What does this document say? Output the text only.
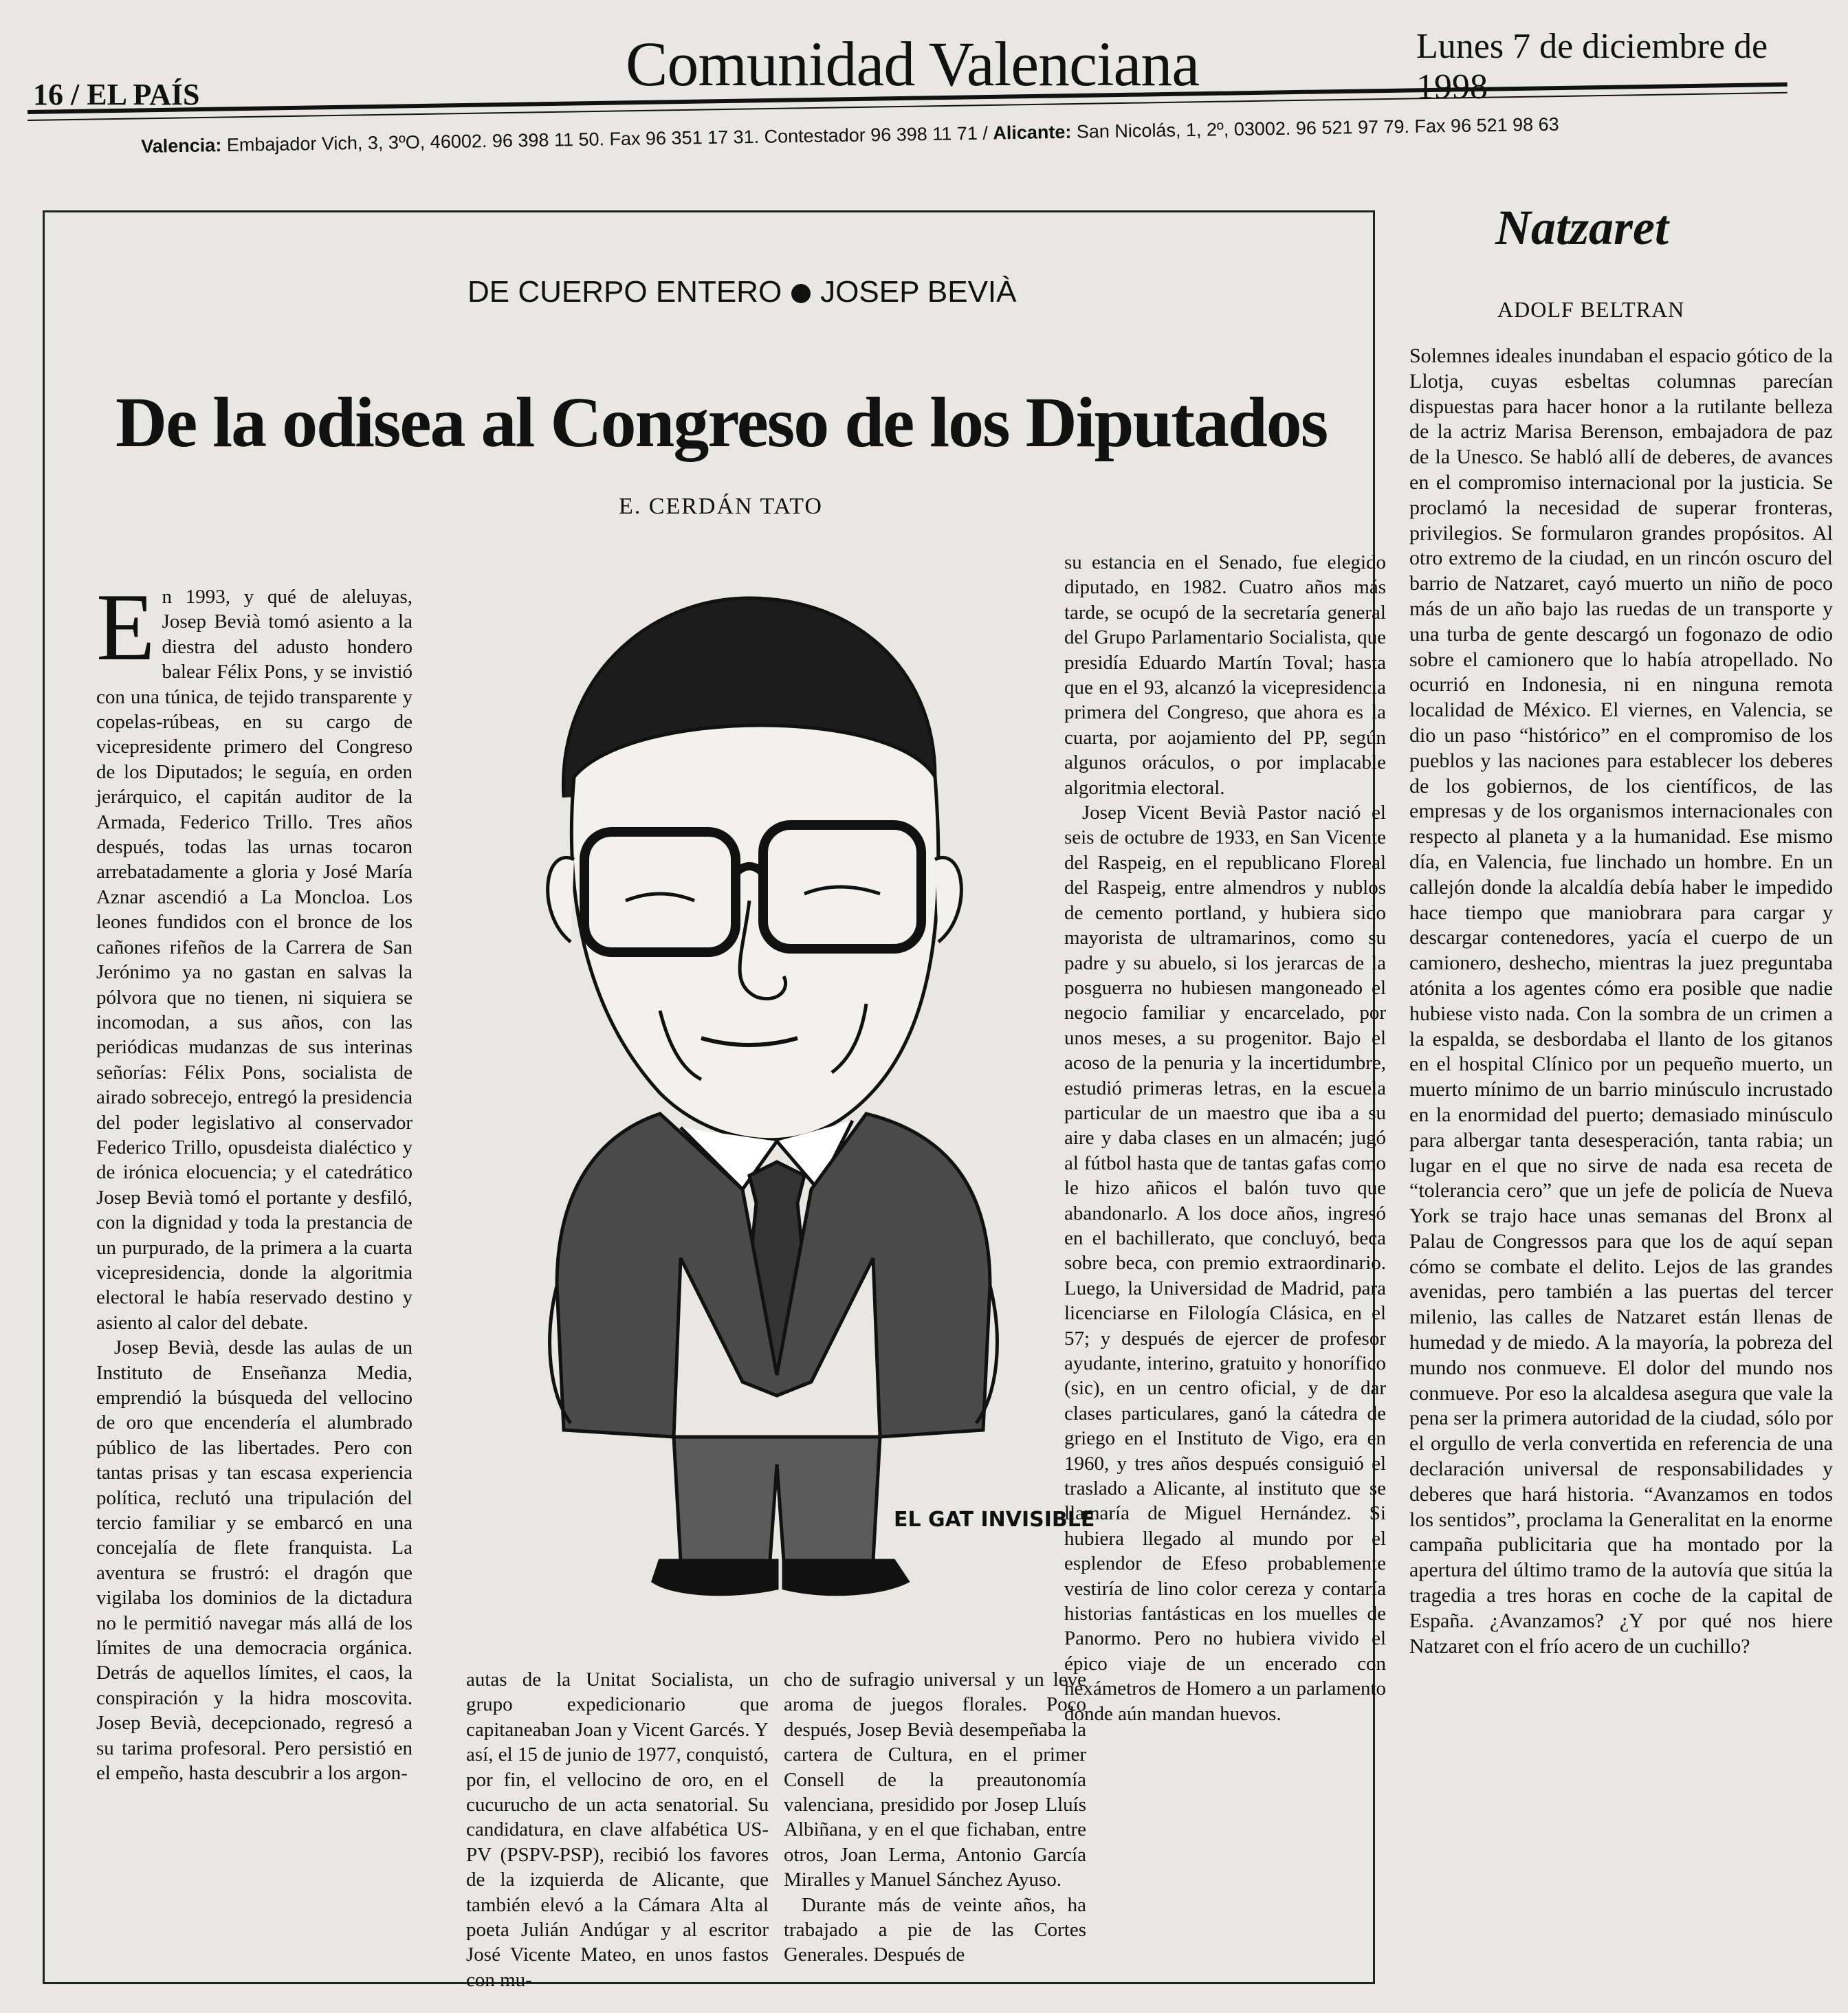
16 / EL PAÍS	Comunidad Valenciana	Lunes 7 de diciembre de 1998
Valencia: Embajador Vich, 3, 3ºO, 46002. 96 398 11 50. Fax 96 351 17 31. Contestador 96 398 11 71 / Alicante: San Nicolás, 1, 2º, 03002. 96 521 97 79. Fax 96 521 98 63
DE CUERPO ENTERO JOSEP BEVIÀ
De la odisea al Congreso de los Diputados
E. CERDÁN TATO

En 1993, y qué de aleluyas, Josep Bevià tomó asiento a la diestra del adusto hondero balear Félix Pons, y se invistió con una túnica, de tejido transparente y copelas-rúbeas, en su cargo de vicepresidente primero del Congreso de los Diputados; le seguía, en orden jerárquico, el capitán auditor de la Armada, Federico Trillo. Tres años después, todas las urnas tocaron arrebatadamente a gloria y José María Aznar ascendió a La Moncloa. Los leones fundidos con el bronce de los cañones rifeños de la Carrera de San Jerónimo ya no gastan en salvas la pólvora que no tienen, ni siquiera se incomodan, a sus años, con las periódicas mudanzas de sus interinas señorías: Félix Pons, socialista de airado sobrecejo, entregó la presidencia del poder legislativo al conservador Federico Trillo, opusdeista dialéctico y de irónica elocuencia; y el catedrático Josep Bevià tomó el portante y desfiló, con la dignidad y toda la prestancia de un purpurado, de la primera a la cuarta vicepresidencia, donde la algoritmia electoral le había reservado destino y asiento al calor del debate.

Josep Bevià, desde las aulas de un Instituto de Enseñanza Media, emprendió la búsqueda del vellocino de oro que encendería el alumbrado público de las libertades. Pero con tantas prisas y tan escasa experiencia política, reclutó una tripulación del tercio familiar y se embarcó en una concejalía de flete franquista. La aventura se frustró: el dragón que vigilaba los dominios de la dictadura no le permitió navegar más allá de los límites de una democracia orgánica. Detrás de aquellos límites, el caos, la conspiración y la hidra moscovita. Josep Bevià, decepcionado, regresó a su tarima profesoral. Pero persistió en el empeño, hasta descubrir a los argon-

autas de la Unitat Socialista, un grupo expedicionario que capitaneaban Joan y Vicent Garcés. Y así, el 15 de junio de 1977, conquistó, por fin, el vellocino de oro, en el cucurucho de un acta senatorial. Su candidatura, en clave alfabética US-PV (PSPV-PSP), recibió los favores de la izquierda de Alicante, que también elevó a la Cámara Alta al poeta Julián Andúgar y al escritor José Vicente Mateo, en unos fastos con mu-

cho de sufragio universal y un leve aroma de juegos florales. Poco después, Josep Bevià desempeñaba la cartera de Cultura, en el primer Consell de la preautonomía valenciana, presidido por Josep Lluís Albiñana, y en el que fichaban, entre otros, Joan Lerma, Antonio García Miralles y Manuel Sánchez Ayuso.

Durante más de veinte años, ha trabajado a pie de las Cortes Generales. Después de

su estancia en el Senado, fue elegido diputado, en 1982. Cuatro años más tarde, se ocupó de la secretaría general del Grupo Parlamentario Socialista, que presidía Eduardo Martín Toval; hasta que en el 93, alcanzó la vicepresidencia primera del Congreso, que ahora es la cuarta, por aojamiento del PP, según algunos oráculos, o por implacable algoritmia electoral.

Josep Vicent Bevià Pastor nació el seis de octubre de 1933, en San Vicente del Raspeig, en el republicano Floreal del Raspeig, entre almendros y nublos de cemento portland, y hubiera sido mayorista de ultramarinos, como su padre y su abuelo, si los jerarcas de la posguerra no hubiesen mangoneado el negocio familiar y encarcelado, por unos meses, a su progenitor. Bajo el acoso de la penuria y la incertidumbre, estudió primeras letras, en la escuela particular de un maestro que iba a su aire y daba clases en un almacén; jugó al fútbol hasta que de tantas gafas como le hizo añicos el balón tuvo que abandonarlo. A los doce años, ingresó en el bachillerato, que concluyó, beca sobre beca, con premio extraordinario. Luego, la Universidad de Madrid, para licenciarse en Filología Clásica, en el 57; y después de ejercer de profesor ayudante, interino, gratuito y honorífico (sic), en un centro oficial, y de dar clases particulares, ganó la cátedra de griego en el Instituto de Vigo, era en 1960, y tres años después consiguió el traslado a Alicante, al instituto que se llamaría de Miguel Hernández. Si hubiera llegado al mundo por el esplendor de Efeso probablemente vestiría de lino color cereza y contaría historias fantásticas en los muelles de Panormo. Pero no hubiera vivido el épico viaje de un encerado con hexámetros de Homero a un parlamento donde aún mandan huevos.

EL GAT INVISIBLE
Natzaret
ADOLF BELTRAN

Solemnes ideales inundaban el espacio gótico de la Llotja, cuyas esbeltas columnas parecían dispuestas para hacer honor a la rutilante belleza de la actriz Marisa Berenson, embajadora de paz de la Unesco. Se habló allí de deberes, de avances en el compromiso internacional por la justicia. Se proclamó la necesidad de superar fronteras, privilegios. Se formularon grandes propósitos. Al otro extremo de la ciudad, en un rincón oscuro del barrio de Natzaret, cayó muerto un niño de poco más de un año bajo las ruedas de un transporte y una turba de gente descargó un fogonazo de odio sobre el camionero que lo había atropellado. No ocurrió en Indonesia, ni en ninguna remota localidad de México. El viernes, en Valencia, se dio un paso “histórico” en el compromiso de los pueblos y las naciones para establecer los deberes de los gobiernos, de los científicos, de las empresas y de los organismos internacionales con respecto al planeta y a la humanidad. Ese mismo día, en Valencia, fue linchado un hombre. En un callejón donde la alcaldía debía haber le impedido hace tiempo que maniobrara para cargar y descargar contenedores, yacía el cuerpo de un camionero, deshecho, mientras la juez preguntaba atónita a los agentes cómo era posible que nadie hubiese visto nada. Con la sombra de un crimen a la espalda, se desbordaba el llanto de los gitanos en el hospital Clínico por un pequeño muerto, un muerto mínimo de un barrio minúsculo incrustado en la enormidad del puerto; demasiado minúsculo para albergar tanta desesperación, tanta rabia; un lugar en el que no sirve de nada esa receta de “tolerancia cero” que un jefe de policía de Nueva York se trajo hace unas semanas del Bronx al Palau de Congressos para que los de aquí sepan cómo se combate el delito. Lejos de las grandes avenidas, pero también a las puertas del tercer milenio, las calles de Natzaret están llenas de humedad y de miedo. A la mayoría, la pobreza del mundo nos conmueve. El dolor del mundo nos conmueve. Por eso la alcaldesa asegura que vale la pena ser la primera autoridad de la ciudad, sólo por el orgullo de verla convertida en referencia de una declaración universal de responsabilidades y deberes que hará historia. “Avanzamos en todos los sentidos”, proclama la Generalitat en la enorme campaña publicitaria que ha montado por la apertura del último tramo de la autovía que sitúa la tragedia a tres horas en coche de la capital de España. ¿Avanzamos? ¿Y por qué nos hiere Natzaret con el frío acero de un cuchillo?
